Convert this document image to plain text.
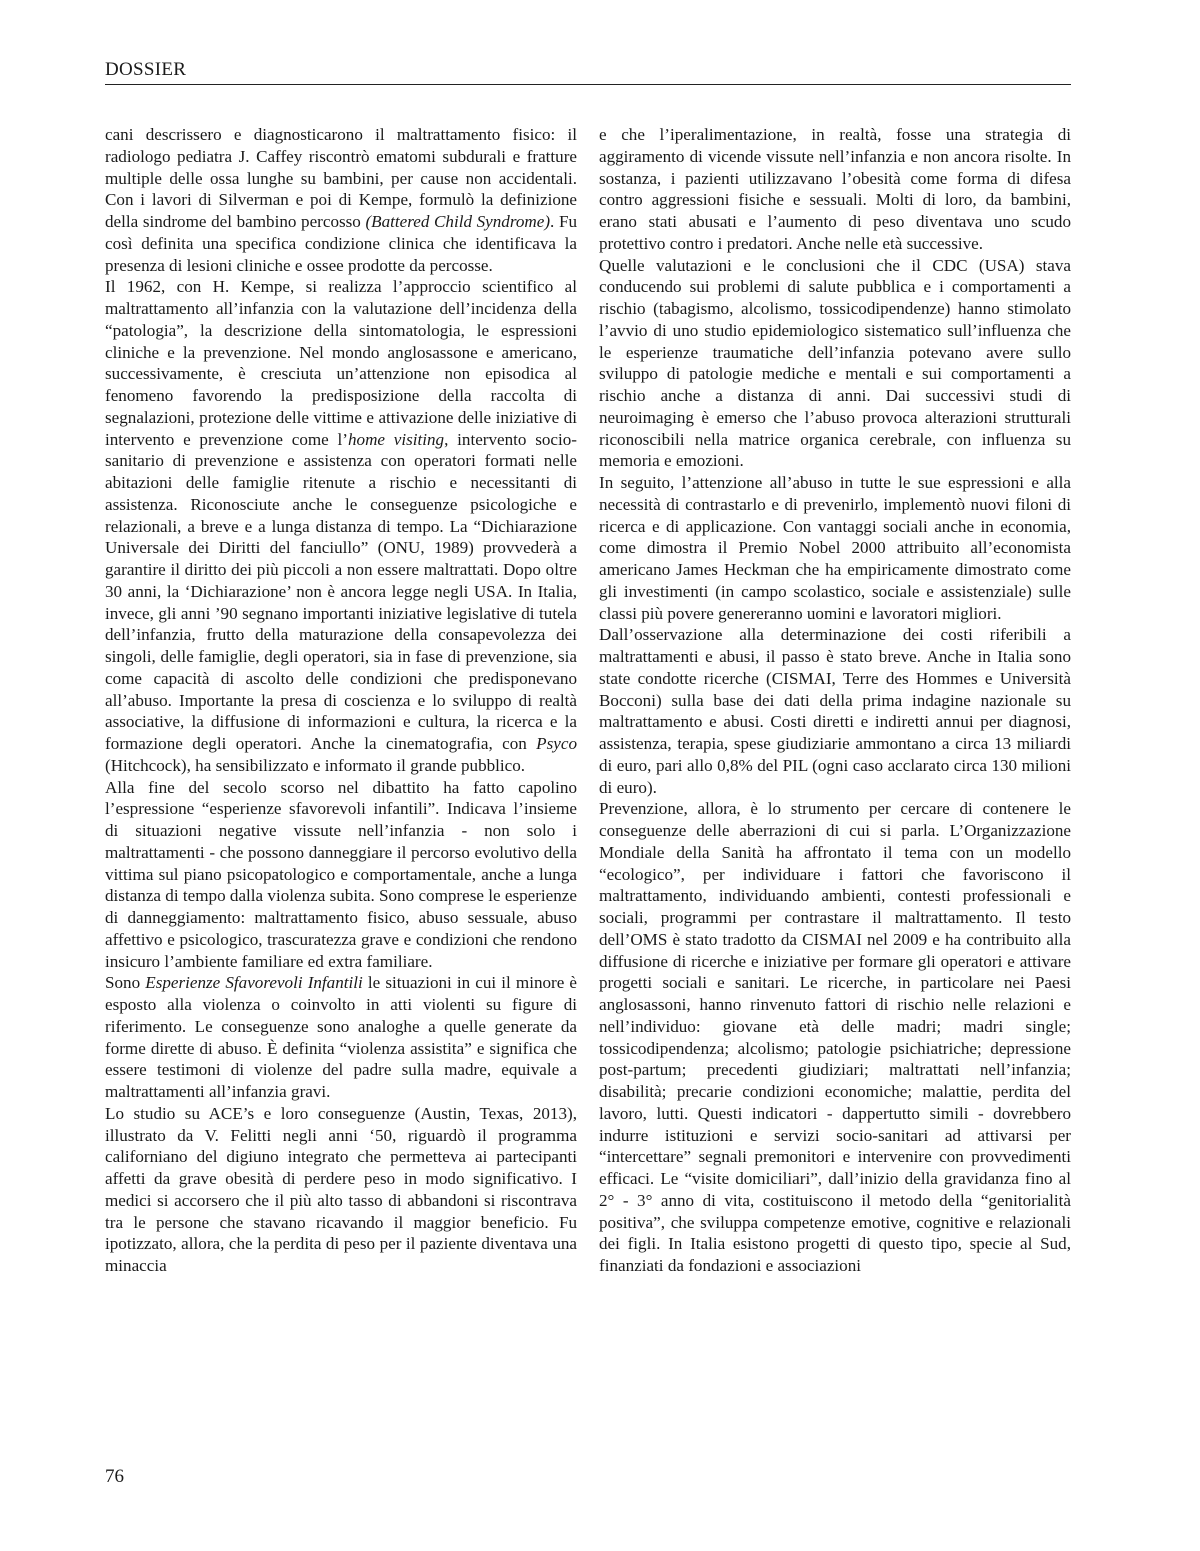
DOSSIER

cani descrissero e diagnosticarono il maltrattamento fisico: il radiologo pediatra J. Caffey riscontrò ematomi subdurali e fratture multiple delle ossa lunghe su bambini, per cause non accidentali. Con i lavori di Silverman e poi di Kempe, formulò la definizione della sindrome del bambino percosso (Battered Child Syndrome). Fu così definita una specifica condizione clinica che identificava la presenza di lesioni cliniche e ossee prodotte da percosse.

Il 1962, con H. Kempe, si realizza l’approccio scientifico al maltrattamento all’infanzia con la valutazione dell’incidenza della “patologia”, la descrizione della sintomatologia, le espressioni cliniche e la prevenzione. Nel mondo anglosassone e americano, successivamente, è cresciuta un’attenzione non episodica al fenomeno favorendo la predisposizione della raccolta di segnalazioni, protezione delle vittime e attivazione delle iniziative di intervento e prevenzione come l’home visiting, intervento socio-sanitario di prevenzione e assistenza con operatori formati nelle abitazioni delle famiglie ritenute a rischio e necessitanti di assistenza. Riconosciute anche le conseguenze psicologiche e relazionali, a breve e a lunga distanza di tempo. La “Dichiarazione Universale dei Diritti del fanciullo” (ONU, 1989) provvederà a garantire il diritto dei più piccoli a non essere maltrattati. Dopo oltre 30 anni, la ‘Dichiarazione’ non è ancora legge negli USA. In Italia, invece, gli anni ’90 segnano importanti iniziative legislative di tutela dell’infanzia, frutto della maturazione della consapevolezza dei singoli, delle famiglie, degli operatori, sia in fase di prevenzione, sia come capacità di ascolto delle condizioni che predisponevano all’abuso. Importante la presa di coscienza e lo sviluppo di realtà associative, la diffusione di informazioni e cultura, la ricerca e la formazione degli operatori. Anche la cinematografia, con Psyco (Hitchcock), ha sensibilizzato e informato il grande pubblico.

Alla fine del secolo scorso nel dibattito ha fatto capolino l’espressione “esperienze sfavorevoli infantili”. Indicava l’insieme di situazioni negative vissute nell’infanzia - non solo i maltrattamenti - che possono danneggiare il percorso evolutivo della vittima sul piano psicopatologico e comportamentale, anche a lunga distanza di tempo dalla violenza subita. Sono comprese le esperienze di danneggiamento: maltrattamento fisico, abuso sessuale, abuso affettivo e psicologico, trascuratezza grave e condizioni che rendono insicuro l’ambiente familiare ed extra familiare.

Sono Esperienze Sfavorevoli Infantili le situazioni in cui il minore è esposto alla violenza o coinvolto in atti violenti su figure di riferimento. Le conseguenze sono analoghe a quelle generate da forme dirette di abuso. È definita “violenza assistita” e significa che essere testimoni di violenze del padre sulla madre, equivale a maltrattamenti all’infanzia gravi.

Lo studio su ACE’s e loro conseguenze (Austin, Texas, 2013), illustrato da V. Felitti negli anni ‘50, riguardò il programma californiano del digiuno integrato che permetteva ai partecipanti affetti da grave obesità di perdere peso in modo significativo. I medici si accorsero che il più alto tasso di abbandoni si riscontrava tra le persone che stavano ricavando il maggior beneficio. Fu ipotizzato, allora, che la perdita di peso per il paziente diventava una minaccia

e che l’iperalimentazione, in realtà, fosse una strategia di aggiramento di vicende vissute nell’infanzia e non ancora risolte. In sostanza, i pazienti utilizzavano l’obesità come forma di difesa contro aggressioni fisiche e sessuali. Molti di loro, da bambini, erano stati abusati e l’aumento di peso diventava uno scudo protettivo contro i predatori. Anche nelle età successive.

Quelle valutazioni e le conclusioni che il CDC (USA) stava conducendo sui problemi di salute pubblica e i comportamenti a rischio (tabagismo, alcolismo, tossicodipendenze) hanno stimolato l’avvio di uno studio epidemiologico sistematico sull’influenza che le esperienze traumatiche dell’infanzia potevano avere sullo sviluppo di patologie mediche e mentali e sui comportamenti a rischio anche a distanza di anni. Dai successivi studi di neuroimaging è emerso che l’abuso provoca alterazioni strutturali riconoscibili nella matrice organica cerebrale, con influenza su memoria e emozioni.

In seguito, l’attenzione all’abuso in tutte le sue espressioni e alla necessità di contrastarlo e di prevenirlo, implementò nuovi filoni di ricerca e di applicazione. Con vantaggi sociali anche in economia, come dimostra il Premio Nobel 2000 attribuito all’economista americano James Heckman che ha empiricamente dimostrato come gli investimenti (in campo scolastico, sociale e assistenziale) sulle classi più povere genereranno uomini e lavoratori migliori.

Dall’osservazione alla determinazione dei costi riferibili a maltrattamenti e abusi, il passo è stato breve. Anche in Italia sono state condotte ricerche (CISMAI, Terre des Hommes e Università Bocconi) sulla base dei dati della prima indagine nazionale su maltrattamento e abusi. Costi diretti e indiretti annui per diagnosi, assistenza, terapia, spese giudiziarie ammontano a circa 13 miliardi di euro, pari allo 0,8% del PIL (ogni caso acclarato circa 130 milioni di euro).

Prevenzione, allora, è lo strumento per cercare di contenere le conseguenze delle aberrazioni di cui si parla. L’Organizzazione Mondiale della Sanità ha affrontato il tema con un modello “ecologico”, per individuare i fattori che favoriscono il maltrattamento, individuando ambienti, contesti professionali e sociali, programmi per contrastare il maltrattamento. Il testo dell’OMS è stato tradotto da CISMAI nel 2009 e ha contribuito alla diffusione di ricerche e iniziative per formare gli operatori e attivare progetti sociali e sanitari. Le ricerche, in particolare nei Paesi anglosassoni, hanno rinvenuto fattori di rischio nelle relazioni e nell’individuo: giovane età delle madri; madri single; tossicodipendenza; alcolismo; patologie psichiatriche; depressione post-partum; precedenti giudiziari; maltrattati nell’infanzia; disabilità; precarie condizioni economiche; malattie, perdita del lavoro, lutti. Questi indicatori - dappertutto simili - dovrebbero indurre istituzioni e servizi socio-sanitari ad attivarsi per “intercettare” segnali premonitori e intervenire con provvedimenti efficaci. Le “visite domiciliari”, dall’inizio della gravidanza fino al 2° - 3° anno di vita, costituiscono il metodo della “genitorialità positiva”, che sviluppa competenze emotive, cognitive e relazionali dei figli. In Italia esistono progetti di questo tipo, specie al Sud, finanziati da fondazioni e associazioni

76
